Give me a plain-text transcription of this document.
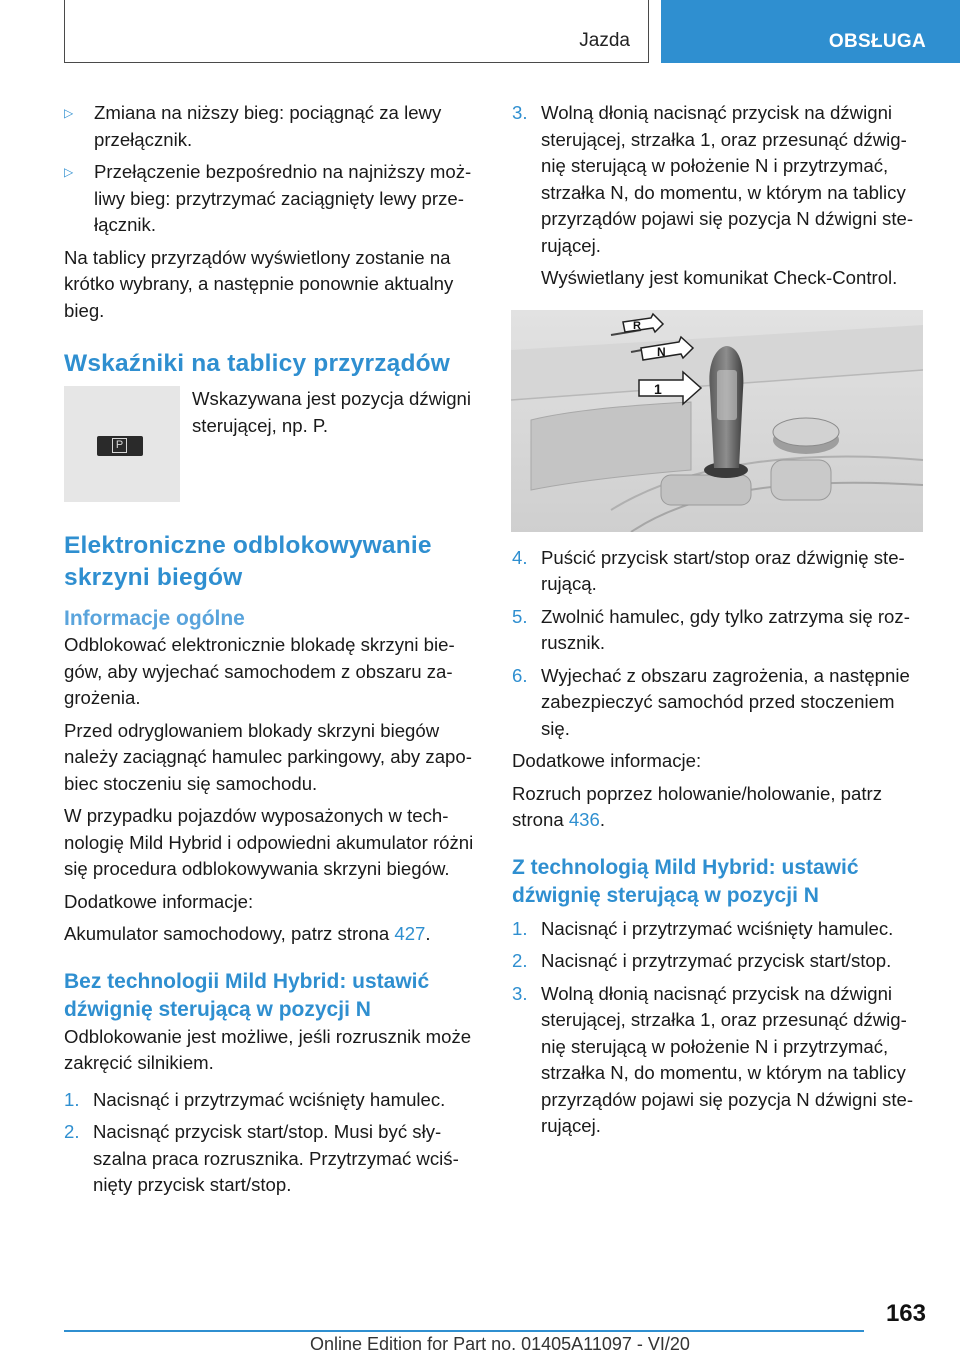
Jazda	OBSŁUGA
▷	Zmiana na niższy bieg: pociągnąć za lewy przełącznik.
▷	Przełączenie bezpośrednio na najniższy możliwy bieg: przytrzymać zaciągnięty lewy przełącznik.

Na tablicy przyrządów wyświetlony zostanie na krótko wybrany, a następnie ponownie aktualny bieg.

Wskaźniki na tablicy przyrządów
P
Wskazywana jest pozycja dźwigni sterującej, np. P.
Elektroniczne odblokowywanie skrzyni biegów
Informacje ogólne

Odblokować elektronicznie blokadę skrzyni biegów, aby wyjechać samochodem z obszaru zagrożenia.

Przed odryglowaniem blokady skrzyni biegów należy zaciągnąć hamulec parkingowy, aby zapobiec stoczeniu się samochodu.

W przypadku pojazdów wyposażonych w technologię Mild Hybrid i odpowiedni akumulator różni się procedura odblokowywania skrzyni biegów.

Dodatkowe informacje:

Akumulator samochodowy, patrz strona 427.

Bez technologii Mild Hybrid: ustawić dźwignię sterującą w pozycji N

Odblokowanie jest możliwe, jeśli rozrusznik może zakręcić silnikiem.

1. Nacisnąć i przytrzymać wciśnięty hamulec.
2. Nacisnąć przycisk start/stop. Musi być słyszalna praca rozrusznika. Przytrzymać wciśnięty przycisk start/stop.
3. Wolną dłonią nacisnąć przycisk na dźwigni sterującej, strzałka 1, oraz przesunąć dźwignię sterującą w położenie N i przytrzymać, strzałka N, do momentu, w którym na tablicy przyrządów pojawi się pozycja N dźwigni sterującej.

Wyświetlany jest komunikat Check-Control.

R
N
1
4. Puścić przycisk start/stop oraz dźwignię sterującą.
5. Zwolnić hamulec, gdy tylko zatrzyma się rozrusznik.
6. Wyjechać z obszaru zagrożenia, a następnie zabezpieczyć samochód przed stoczeniem się.

Dodatkowe informacje:

Rozruch poprzez holowanie/holowanie, patrz strona 436.

Z technologią Mild Hybrid: ustawić dźwignię sterującą w pozycji N
1. Nacisnąć i przytrzymać wciśnięty hamulec.
2. Nacisnąć i przytrzymać przycisk start/stop.
3. Wolną dłonią nacisnąć przycisk na dźwigni sterującej, strzałka 1, oraz przesunąć dźwignię sterującą w położenie N i przytrzymać, strzałka N, do momentu, w którym na tablicy przyrządów pojawi się pozycja N dźwigni sterującej.
163
Online Edition for Part no. 01405A11097 - VI/20
